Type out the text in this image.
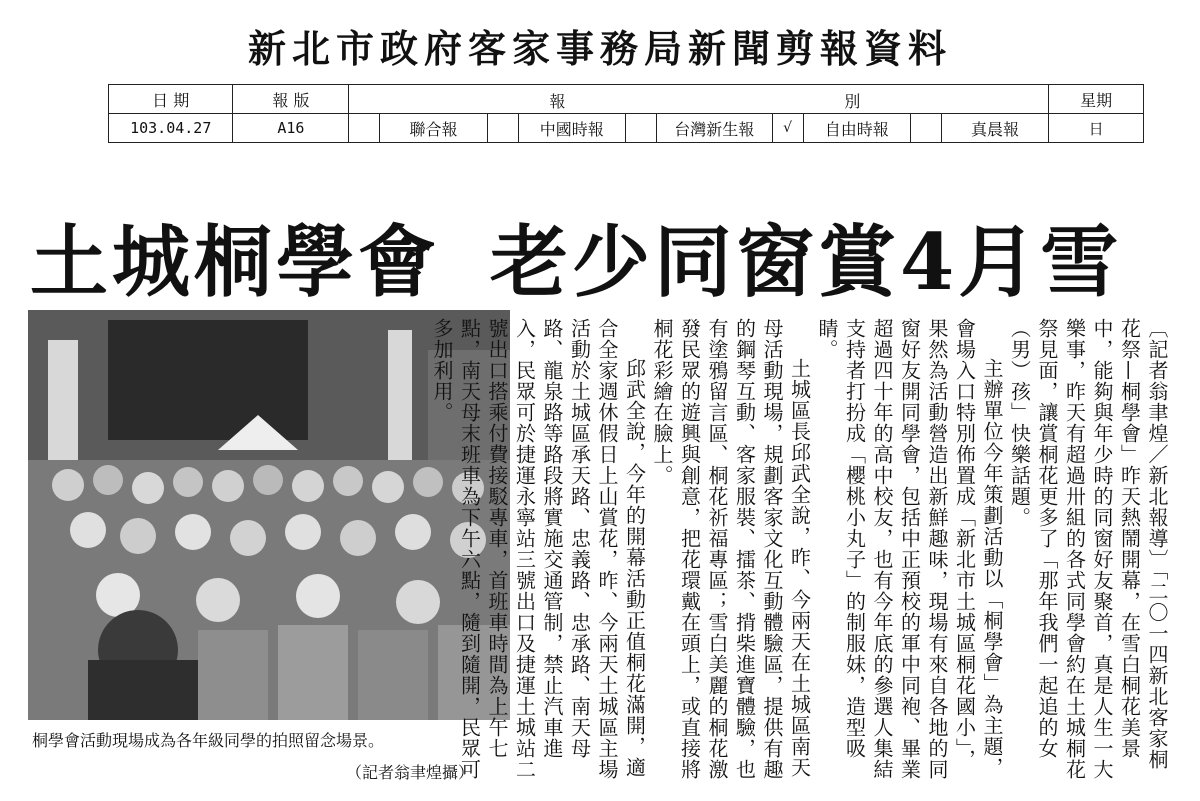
新北市政府客家事務局新聞剪報資料
日 期	報 版	報 別										星期
103.04.27	A16		聯合報		中國時報		台灣新生報	√	自由時報		真晨報	日
土城桐學會 老少同窗賞4月雪
桐學會活動現場成為各年級同學的拍照留念場景。
（記者翁聿煌攝）

〔記者翁聿煌／新北報導〕「二〇一四新北客家桐花祭—桐學會」昨天熱鬧開幕，在雪白桐花美景中，能夠與年少時的同窗好友聚首，真是人生一大樂事，昨天有超過卅組的各式同學會約在土城桐花祭見面，讓賞桐花更多了「那年我們一起追的女（男）孩」快樂話題。

主辦單位今年策劃活動以「桐學會」為主題，會場入口特別佈置成「新北市土城區桐花國小」，果然為活動營造出新鮮趣味，現場有來自各地的同窗好友開同學會，包括中正預校的軍中同袍、畢業超過四十年的高中校友，也有今年底的參選人集結支持者打扮成「櫻桃小丸子」的制服妹，造型吸睛。

土城區長邱武全說，昨、今兩天在土城區南天母活動現場，規劃客家文化互動體驗區，提供有趣的鋼琴互動、客家服裝、擂茶、揹柴進寶體驗，也有塗鴉留言區、桐花祈福專區；雪白美麗的桐花激發民眾的遊興與創意，把花環戴在頭上，或直接將桐花彩繪在臉上。

邱武全說，今年的開幕活動正值桐花滿開，適合全家週休假日上山賞花，昨、今兩天土城區主場活動於土城區承天路、忠義路、忠承路、南天母路、龍泉路等路段將實施交通管制，禁止汽車進入，民眾可於捷運永寧站三號出口及捷運土城站二號出口搭乘付費接駁專車，首班車時間為上午七點，南天母末班車為下午六點，隨到隨開，民眾可多加利用。
